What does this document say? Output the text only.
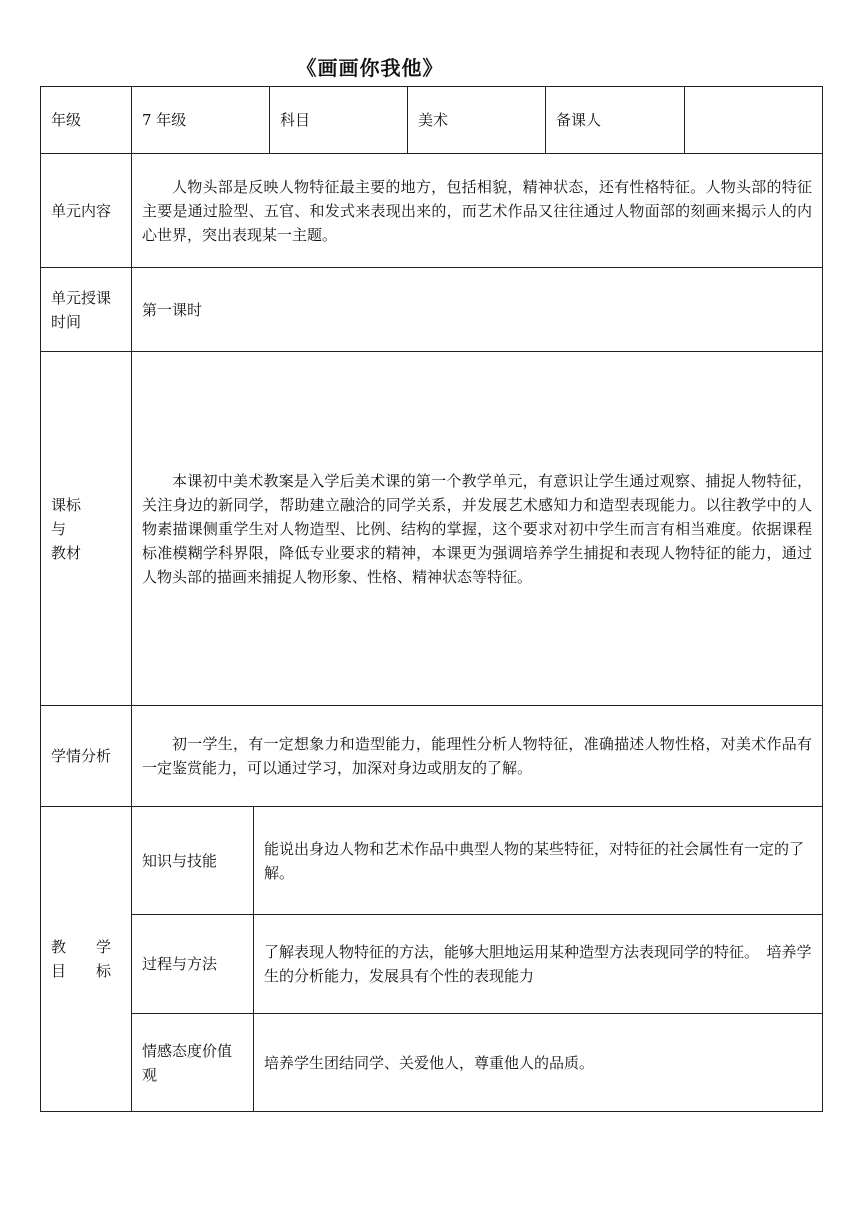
《画画你我他》
年级	7 年级		科目	美术	备课人	
单元内容	人物头部是反映人物特征最主要的地方，包括相貌，精神状态，还有性格特征。人物头部的特征主要是通过脸型、五官、和发式来表现出来的，而艺术作品又往往通过人物面部的刻画来揭示人的内心世界，突出表现某一主题。					

单元授课
时间	第一课时					

课标
与
教材	本课初中美术教案是入学后美术课的第一个教学单元，有意识让学生通过观察、捕捉人物特征，关注身边的新同学，帮助建立融洽的同学关系，并发展艺术感知力和造型表现能力。以往教学中的人物素描课侧重学生对人物造型、比例、结构的掌握，这个要求对初中学生而言有相当难度。依据课程标准模糊学科界限，降低专业要求的精神，本课更为强调培养学生捕捉和表现人物特征的能力，通过人物头部的描画来捕捉人物形象、性格、精神状态等特征。					
学情分析	初一学生，有一定想象力和造型能力，能理性分析人物特征，准确描述人物性格，对美术作品有一定鉴赏能力，可以通过学习，加深对身边或朋友的了解。					

教　　学
目　　标	知识与技能	能说出身边人物和艺术作品中典型人物的某些特征，对特征的社会属性有一定的了解。				
	过程与方法	了解表现人物特征的方法，能够大胆地运用某种造型方法表现同学的特征。　培养学生的分析能力，发展具有个性的表现能力				
	情感态度价值观	培养学生团结同学、关爱他人，尊重他人的品质。				
